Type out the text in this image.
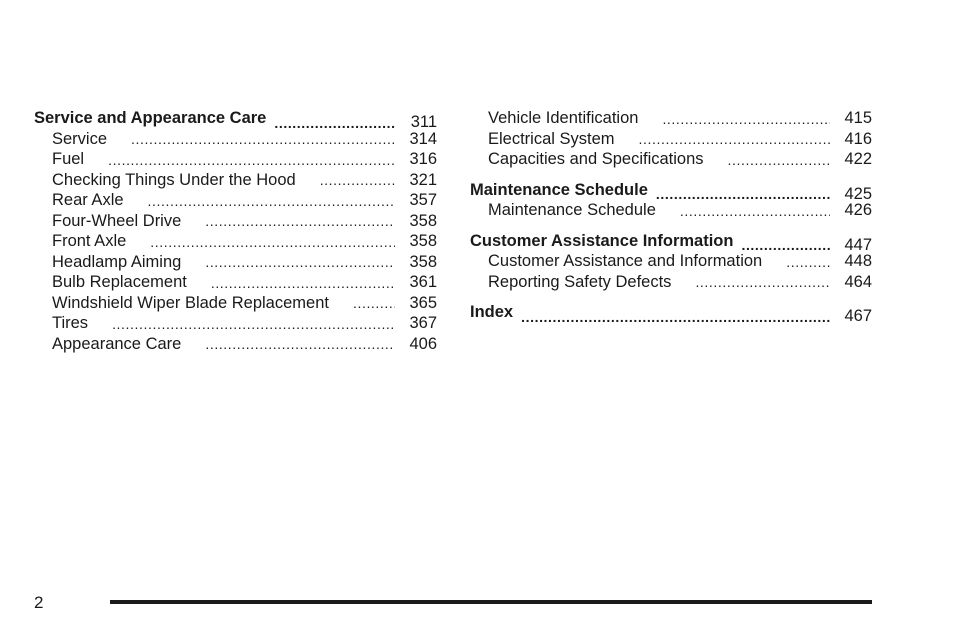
Service and Appearance Care .....	311
Service .....	314
Fuel .....	316
Checking Things Under the Hood .....	321
Rear Axle .....	357
Four-Wheel Drive .....	358
Front Axle .....	358
Headlamp Aiming .....	358
Bulb Replacement .....	361
Windshield Wiper Blade Replacement .....	365
Tires .....	367
Appearance Care .....	406
Vehicle Identification .....	415
Electrical System .....	416
Capacities and Specifications .....	422
Maintenance Schedule .....	425
Maintenance Schedule .....	426
Customer Assistance Information .....	447
Customer Assistance and Information .....	448
Reporting Safety Defects .....	464
Index .....	467
2
